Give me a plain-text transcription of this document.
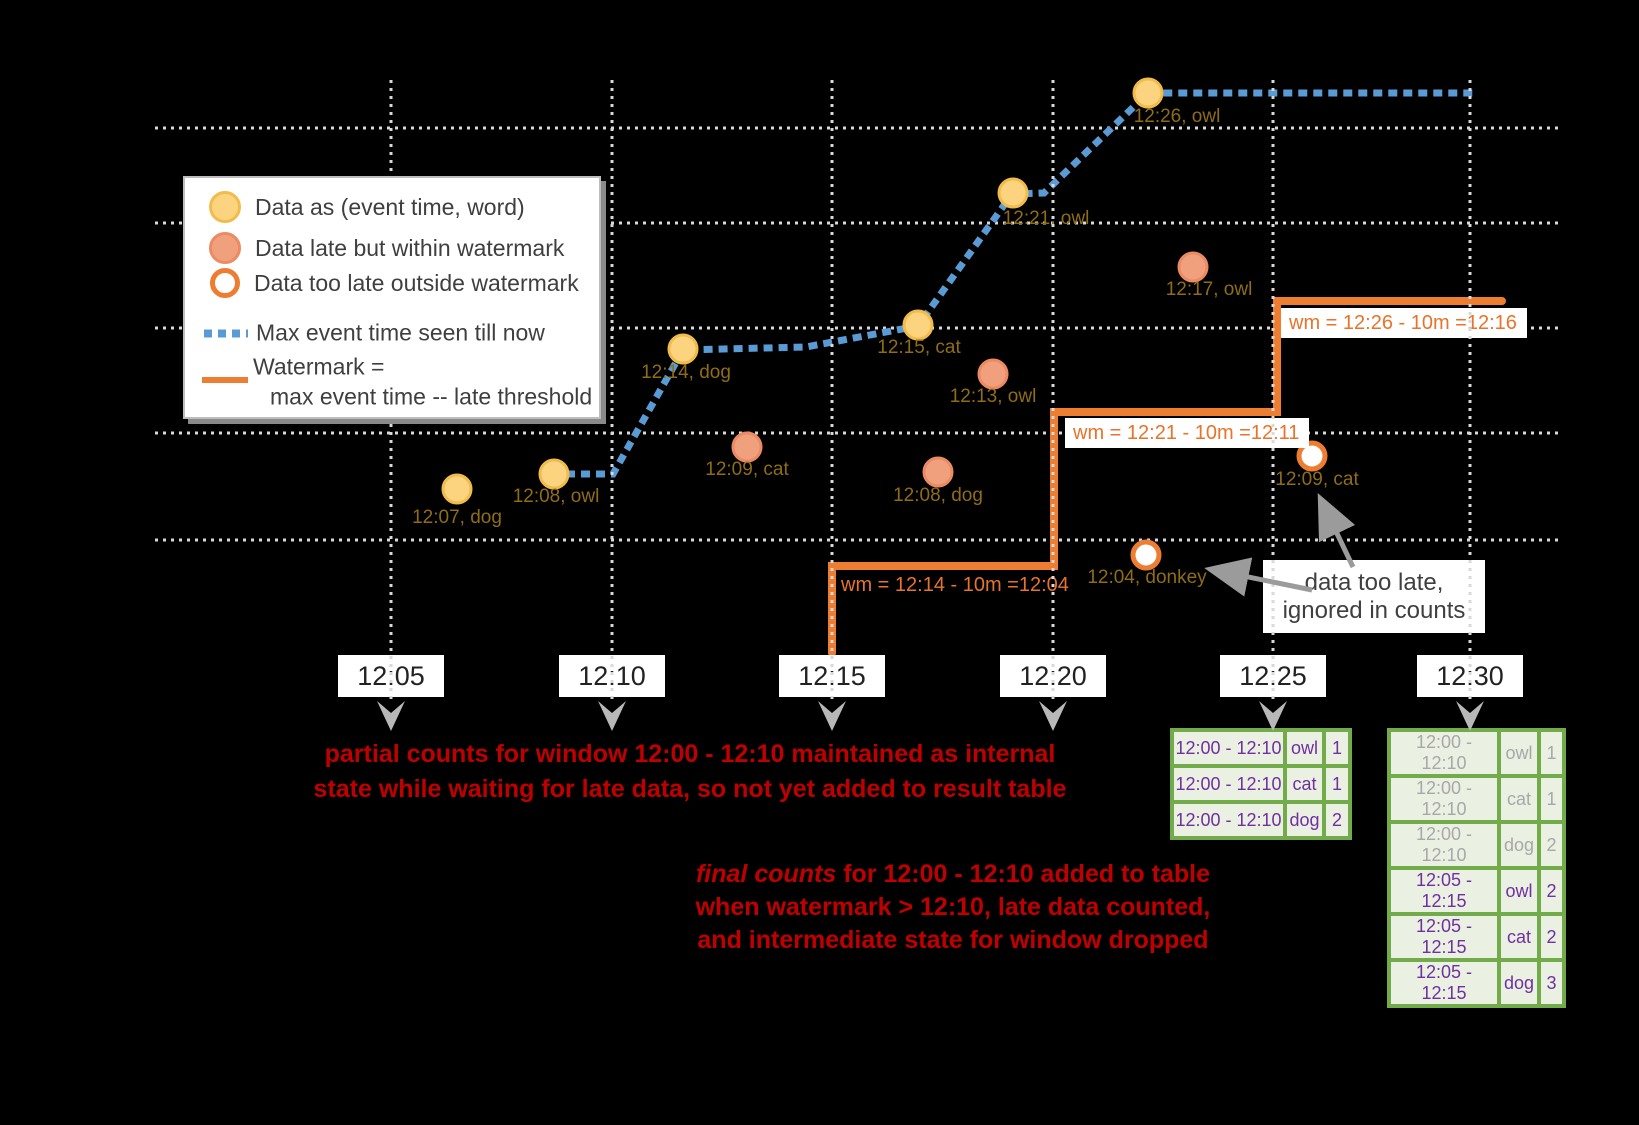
Data as (event time, word)
Data late but within watermark
Data too late outside watermark
Max event time seen till now
Watermark =
max event time -- late threshold
partial counts for window 12:00 - 12:10 maintained as internal
state while waiting for late data, so not yet added to result table
final counts for 12:00 - 12:10 added to table
when watermark > 12:10, late data counted,
and intermediate state for window dropped
data too late,
ignored in counts
12:07, dog
12:08, owl
12:14, dog
12:15, cat
12:21, owl
12:26, owl
12:09, cat
12:08, dog
12:13, owl
12:17, owl
12:04, donkey
12:09, cat
wm = 12:14 - 10m =12:04
wm = 12:21 - 10m =12:11
wm = 12:26 - 10m =12:16
12:05	12:10	12:15	12:20	12:25	12:30
12:00 - 12:10	owl	1
12:00 - 12:10	cat	1
12:00 - 12:10	dog	2
12:00 - 12:10	owl	1
12:00 - 12:10	cat	1
12:00 - 12:10	dog	2
12:05 - 12:15	owl	2
12:05 - 12:15	cat	2
12:05 - 12:15	dog	3
